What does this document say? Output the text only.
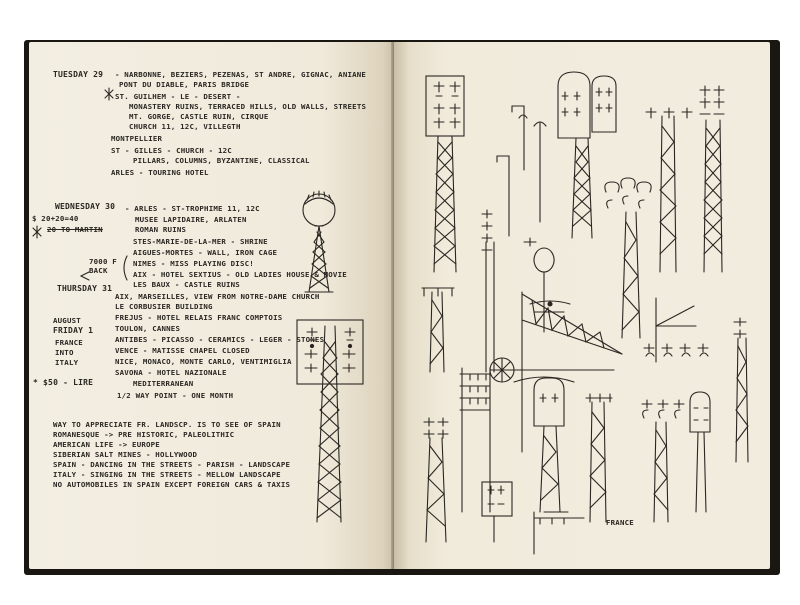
TUESDAY 29 - NARBONNE, BEZIERS, PEZENAS, ST ANDRE, GIGNAC, ANIANE
PONT DU DIABLE, PARIS BRIDGE
ST. GUILHEM - LE - DESERT -
MONASTERY RUINS, TERRACED HILLS, OLD WALLS, STREETS
MT. GORGE, CASTLE RUIN, CIRQUE
CHURCH 11, 12C, VILLEGTH
MONTPELLIER
ST - GILLES - CHURCH - 12C
PILLARS, COLUMNS, BYZANTINE, CLASSICAL
ARLES - TOURING HOTEL
WEDNESDAY 30
$ 20+20=40
20 TO MARTIN
- ARLES - ST-TROPHIME 11, 12C
MUSEE LAPIDAIRE, ARLATEN
ROMAN RUINS
STES-MARIE-DE-LA-MER - SHRINE
AIGUES-MORTES - WALL, IRON CAGE
NIMES - MISS PLAYING DISC!
AIX - HOTEL SEXTIUS - OLD LADIES HOUSE & MOVIE
LES BAUX - CASTLE RUINS
7000 F BACK
THURSDAY 31
AIX, MARSEILLES, VIEW FROM NOTRE-DAME CHURCH
LE CORBUSIER BUILDING
FREJUS - HOTEL RELAIS FRANC COMPTOIS
TOULON, CANNES
ANTIBES - PICASSO - CERAMICS - LEGER - STONES
VENCE - MATISSE CHAPEL CLOSED
NICE, MONACO, MONTE CARLO, VENTIMIGLIA
SAVONA - HOTEL NAZIONALE
MEDITERRANEAN
1/2 WAY POINT - ONE MONTH
AUGUST
FRIDAY 1
FRANCE
INTO
ITALY
* $50 - LIRE
WAY TO APPRECIATE FR. LANDSCP. IS TO SEE OF SPAIN
ROMANESQUE -> PRE HISTORIC, PALEOLITHIC
AMERICAN LIFE -> EUROPE
SIBERIAN SALT MINES - HOLLYWOOD
SPAIN - DANCING IN THE STREETS - PARISH - LANDSCAPE
ITALY - SINGING IN THE STREETS - MELLOW LANDSCAPE
NO AUTOMOBILES IN SPAIN EXCEPT FOREIGN CARS & TAXIS
FRANCE
